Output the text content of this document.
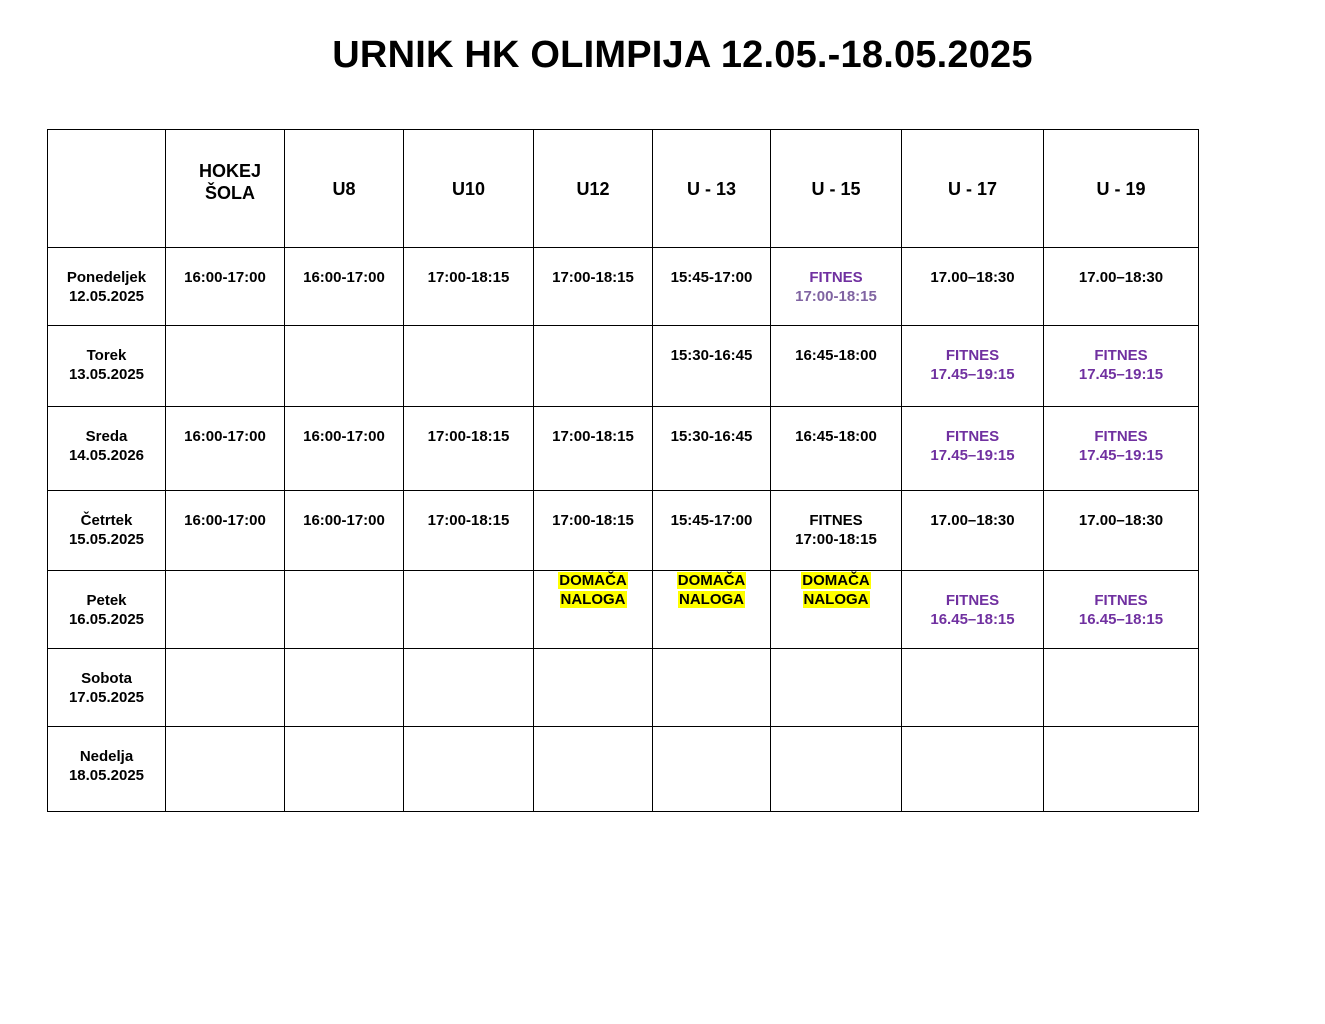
URNIK HK OLIMPIJA 12.05.-18.05.2025

	HOKEJ
ŠOLA	U8	U10	U12	U - 13	U - 15	U - 17	U - 19

Ponedeljek
12.05.2025	16:00-17:00	16:00-17:00	17:00-18:15	17:00-18:15	15:45-17:00	FITNES
17:00-18:15	17.00–18:30	17.00–18:30

Torek
13.05.2025					15:30-16:45	16:45-18:00	FITNES
17.45–19:15	FITNES
17.45–19:15

Sreda
14.05.2026	16:00-17:00	16:00-17:00	17:00-18:15	17:00-18:15	15:30-16:45	16:45-18:00	FITNES
17.45–19:15	FITNES
17.45–19:15

Četrtek
15.05.2025	16:00-17:00	16:00-17:00	17:00-18:15	17:00-18:15	15:45-17:00	FITNES
17:00-18:15	17.00–18:30	17.00–18:30

Petek
16.05.2025				DOMAČA
NALOGA	DOMAČA
NALOGA	DOMAČA
NALOGA	FITNES
16.45–18:15	FITNES
16.45–18:15

Sobota
17.05.2025								

Nedelja
18.05.2025								
